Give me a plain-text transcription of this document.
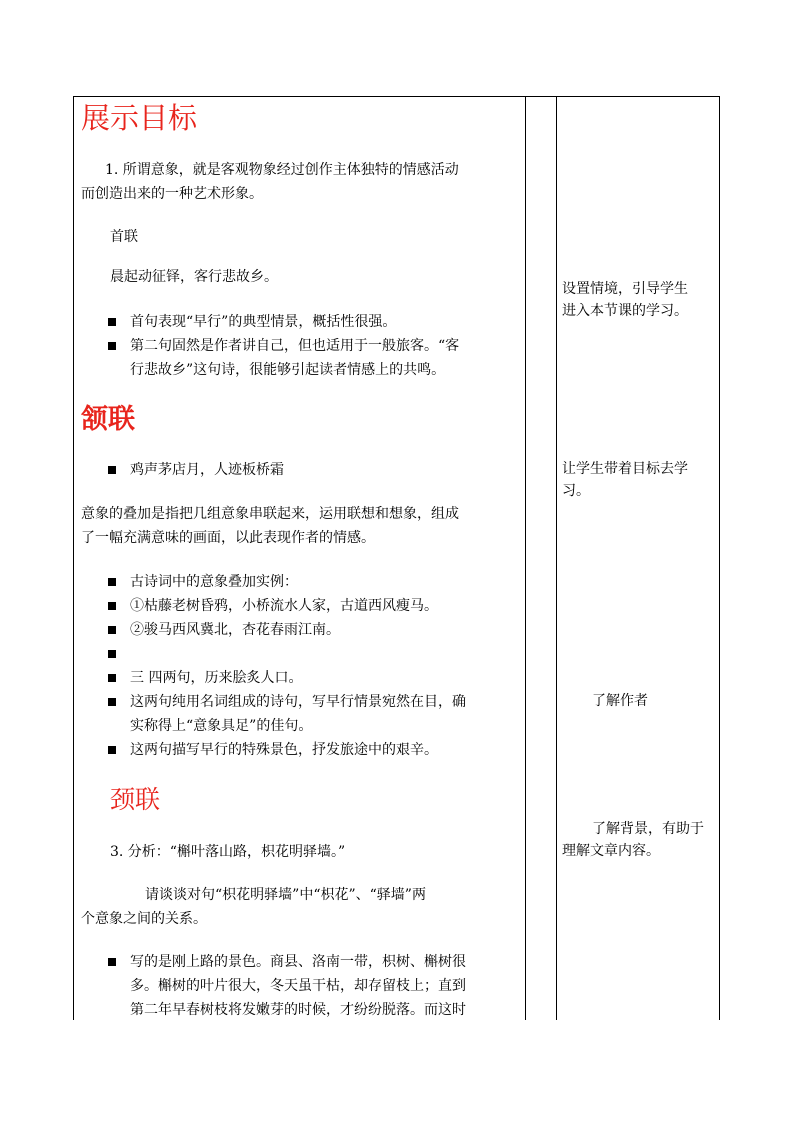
展示目标
1. 所谓意象，就是客观物象经过创作主体独特的情感活动
而创造出来的一种艺术形象。
首联
晨起动征铎，客行悲故乡。
首句表现“早行”的典型情景，概括性很强。
第二句固然是作者讲自己，但也适用于一般旅客。“客
行悲故乡”这句诗，很能够引起读者情感上的共鸣。
颔联
鸡声茅店月，人迹板桥霜
意象的叠加是指把几组意象串联起来，运用联想和想象，组成
了一幅充满意味的画面，以此表现作者的情感。
古诗词中的意象叠加实例：
①枯藤老树昏鸦，小桥流水人家，古道西风瘦马。
②骏马西风冀北，杏花春雨江南。
三 四两句，历来脍炙人口。
这两句纯用名词组成的诗句，写早行情景宛然在目，确
实称得上“意象具足”的佳句。
这两句描写早行的特殊景色，抒发旅途中的艰辛。
颈联
3. 分析：“槲叶落山路，枳花明驿墙。”
请谈谈对句“枳花明驿墙”中“枳花”、“驿墙”两
个意象之间的关系。
写的是刚上路的景色。商县、洛南一带，枳树、槲树很
多。槲树的叶片很大，冬天虽干枯，却存留枝上；直到
第二年早春树枝将发嫩芽的时候，才纷纷脱落。而这时
设置情境，引导学生
进入本节课的学习。
让学生带着目标去学
习。
了解作者
了解背景，有助于
理解文章内容。
